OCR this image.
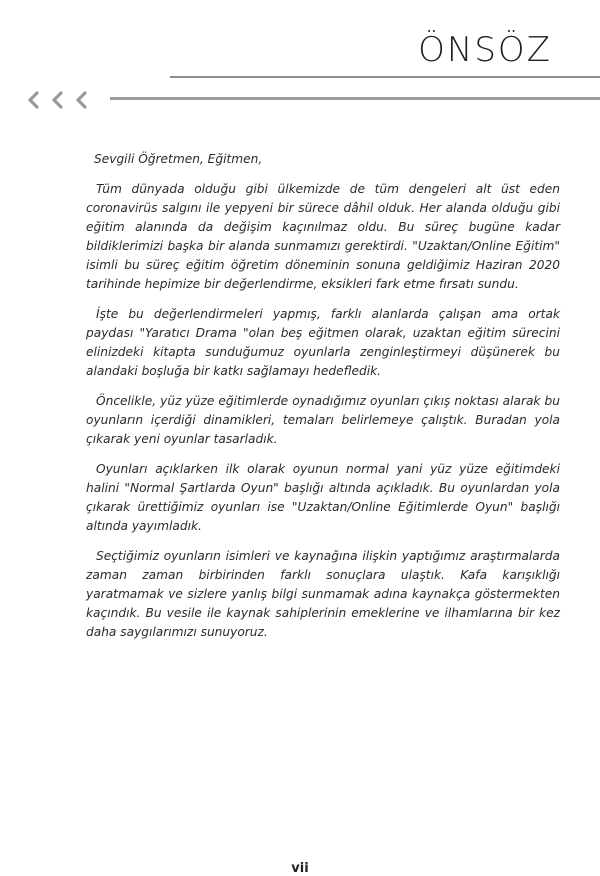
ÖNSÖZ

Sevgili Öğretmen, Eğitmen,

Tüm dünyada olduğu gibi ülkemizde de tüm dengeleri alt üst eden coronavirüs salgını ile yepyeni bir sürece dâhil olduk. Her alanda olduğu gibi eğitim alanında da değişim kaçınılmaz oldu. Bu süreç bugüne kadar bildiklerimizi başka bir alanda sunmamızı gerektirdi. "Uzaktan/Online Eğitim" isimli bu süreç eğitim öğretim döneminin sonuna geldiğimiz Haziran 2020 tarihinde hepimize bir değerlendirme, eksikleri fark etme fırsatı sundu.

İşte bu değerlendirmeleri yapmış, farklı alanlarda çalışan ama ortak paydası "Yaratıcı Drama "olan beş eğitmen olarak, uzaktan eğitim sürecini elinizdeki kitapta sunduğumuz oyunlarla zenginleştirmeyi düşünerek bu alandaki boşluğa bir katkı sağlamayı hedefledik.

Öncelikle, yüz yüze eğitimlerde oynadığımız oyunları çıkış noktası alarak bu oyunların içerdiği dinamikleri, temaları belirlemeye çalıştık. Buradan yola çıkarak yeni oyunlar tasarladık.

Oyunları açıklarken ilk olarak oyunun normal yani yüz yüze eğitimdeki halini "Normal Şartlarda Oyun" başlığı altında açıkladık. Bu oyunlardan yola çıkarak ürettiğimiz oyunları ise "Uzaktan/Online Eğitimlerde Oyun" başlığı altında yayımladık.

Seçtiğimiz oyunların isimleri ve kaynağına ilişkin yaptığımız araştırmalarda zaman zaman birbirinden farklı sonuçlara ulaştık. Kafa karışıklığı yaratmamak ve sizlere yanlış bilgi sunmamak adına kaynakça göstermekten kaçındık. Bu vesile ile kaynak sahiplerinin emeklerine ve ilhamlarına bir kez daha saygılarımızı sunuyoruz.

vii
